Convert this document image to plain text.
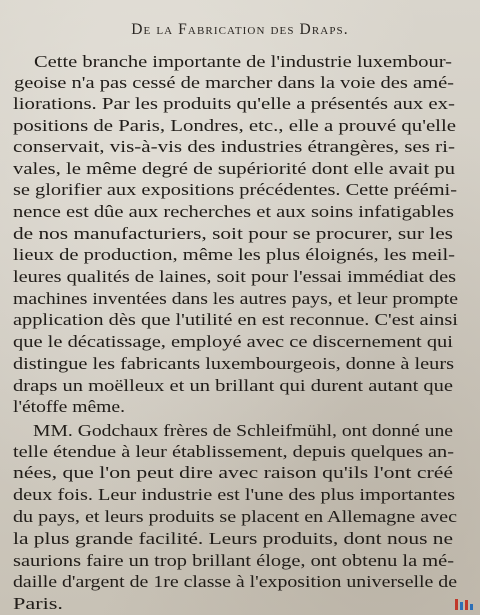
De la Fabrication des Draps.
Cette branche importante de l'industrie luxembour-
geoise n'a pas cessé de marcher dans la voie des amé-
liorations. Par les produits qu'elle a présentés aux ex-
positions de Paris, Londres, etc., elle a prouvé qu'elle
conservait, vis-à-vis des industries étrangères, ses ri-
vales, le même degré de supériorité dont elle avait pu
se glorifier aux expositions précédentes. Cette préémi-
nence est dûe aux recherches et aux soins infatigables
de nos manufacturiers, soit pour se procurer, sur les
lieux de production, même les plus éloignés, les meil-
leures qualités de laines, soit pour l'essai immédiat des
machines inventées dans les autres pays, et leur prompte
application dès que l'utilité en est reconnue. C'est ainsi
que le décatissage, employé avec ce discernement qui
distingue les fabricants luxembourgeois, donne à leurs
draps un moëlleux et un brillant qui durent autant que
l'étoffe même.
MM. Godchaux frères de Schleifmühl, ont donné une
telle étendue à leur établissement, depuis quelques an-
nées, que l'on peut dire avec raison qu'ils l'ont créé
deux fois. Leur industrie est l'une des plus importantes
du pays, et leurs produits se placent en Allemagne avec
la plus grande facilité. Leurs produits, dont nous ne
saurions faire un trop brillant éloge, ont obtenu la mé-
daille d'argent de 1re classe à l'exposition universelle de
Paris.
